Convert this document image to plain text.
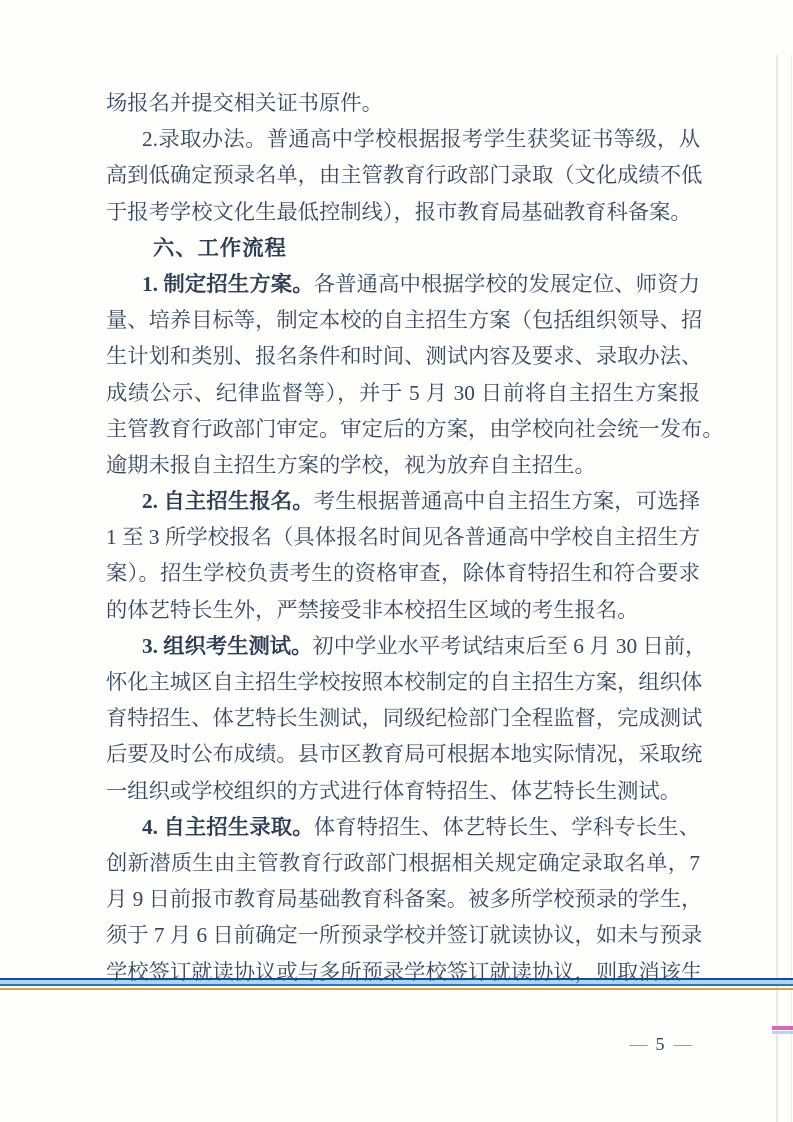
场报名并提交相关证书原件。
2.录取办法。普通高中学校根据报考学生获奖证书等级，从
高到低确定预录名单，由主管教育行政部门录取（文化成绩不低
于报考学校文化生最低控制线），报市教育局基础教育科备案。
六、工作流程
1. 制定招生方案。各普通高中根据学校的发展定位、师资力
量、培养目标等，制定本校的自主招生方案（包括组织领导、招
生计划和类别、报名条件和时间、测试内容及要求、录取办法、
成绩公示、纪律监督等），并于 5 月 30 日前将自主招生方案报
主管教育行政部门审定。审定后的方案，由学校向社会统一发布。
逾期未报自主招生方案的学校，视为放弃自主招生。
2. 自主招生报名。考生根据普通高中自主招生方案，可选择
1 至 3 所学校报名（具体报名时间见各普通高中学校自主招生方
案）。招生学校负责考生的资格审查，除体育特招生和符合要求
的体艺特长生外，严禁接受非本校招生区域的考生报名。
3. 组织考生测试。初中学业水平考试结束后至 6 月 30 日前，
怀化主城区自主招生学校按照本校制定的自主招生方案，组织体
育特招生、体艺特长生测试，同级纪检部门全程监督，完成测试
后要及时公布成绩。县市区教育局可根据本地实际情况，采取统
一组织或学校组织的方式进行体育特招生、体艺特长生测试。
4. 自主招生录取。体育特招生、体艺特长生、学科专长生、
创新潜质生由主管教育行政部门根据相关规定确定录取名单，7
月 9 日前报市教育局基础教育科备案。被多所学校预录的学生，
须于 7 月 6 日前确定一所预录学校并签订就读协议，如未与预录
学校签订就读协议或与多所预录学校签订就读协议，则取消该生
— 5 —
